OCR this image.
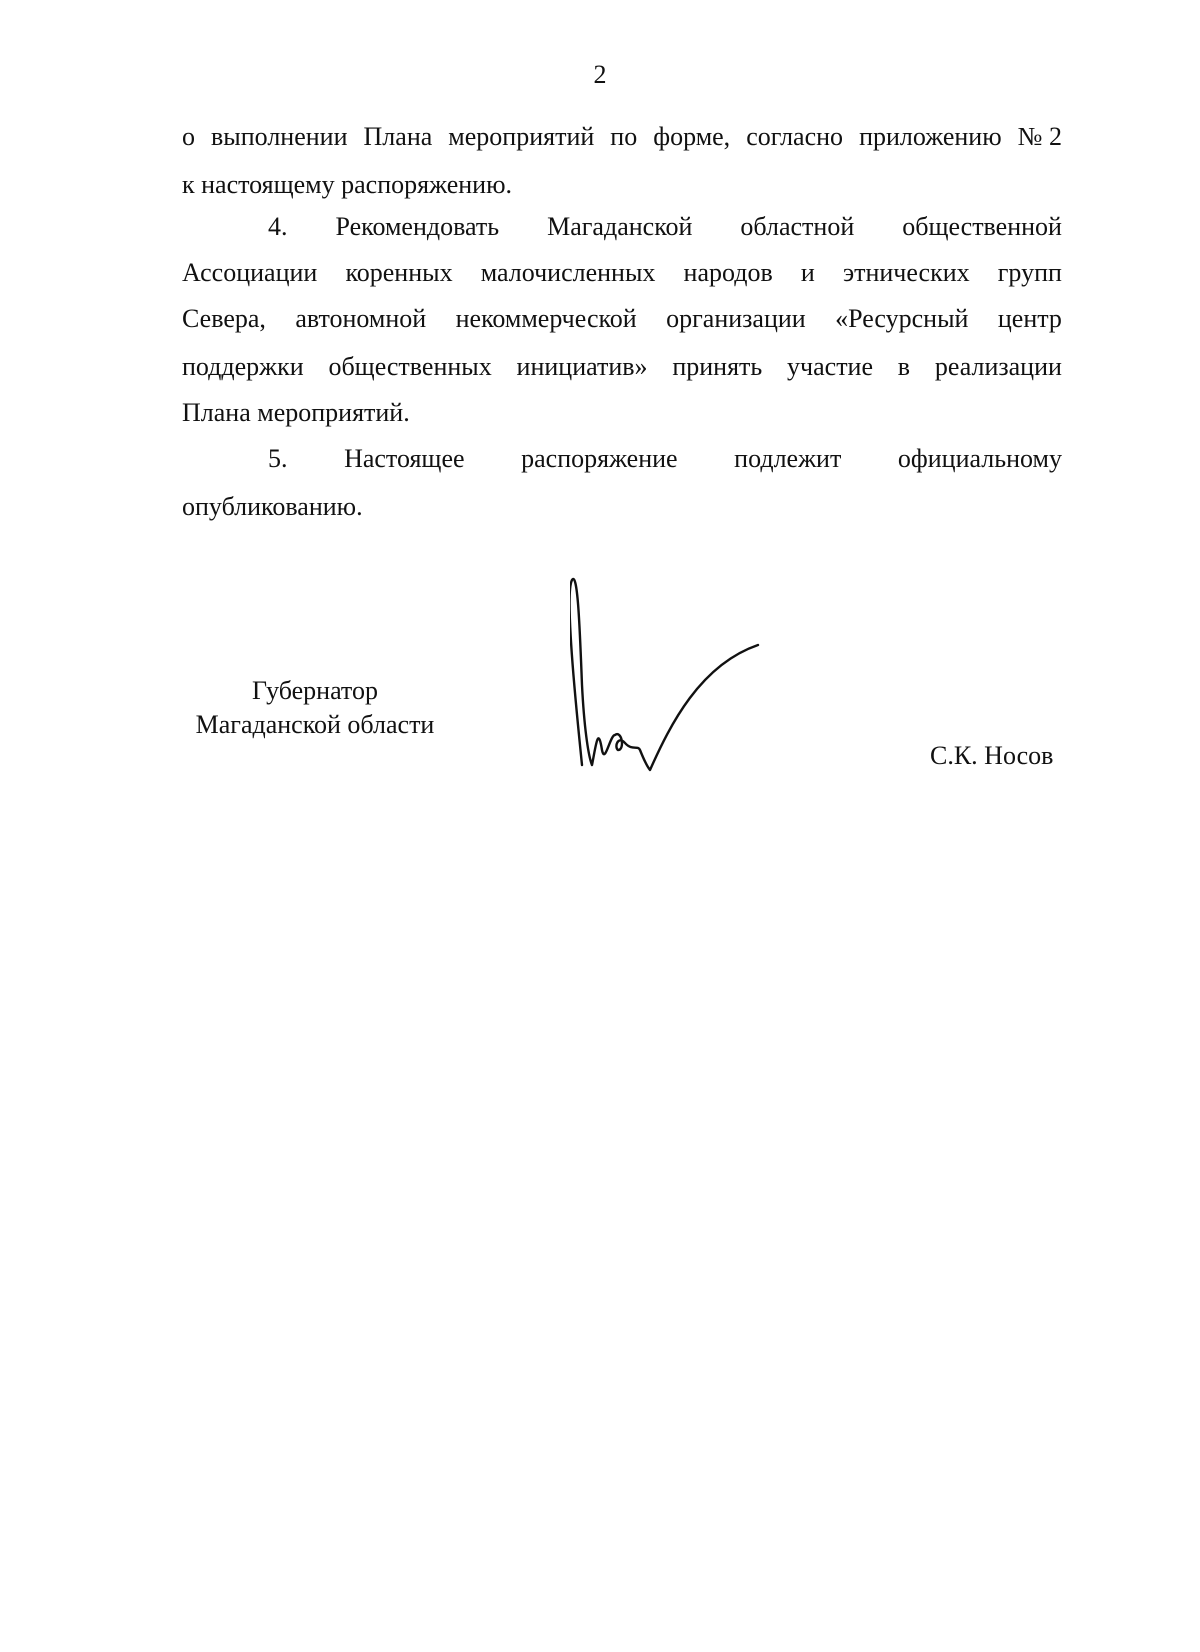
2
о выполнении Плана мероприятий по форме, согласно приложению № 2
к настоящему распоряжению.
4. Рекомендовать Магаданской областной общественной
Ассоциации коренных малочисленных народов и этнических групп
Севера, автономной некоммерческой организации «Ресурсный центр
поддержки общественных инициатив» принять участие в реализации
Плана мероприятий.
5. Настоящее распоряжение подлежит официальному
опубликованию.
Губернатор
Магаданской области
С.К. Носов
